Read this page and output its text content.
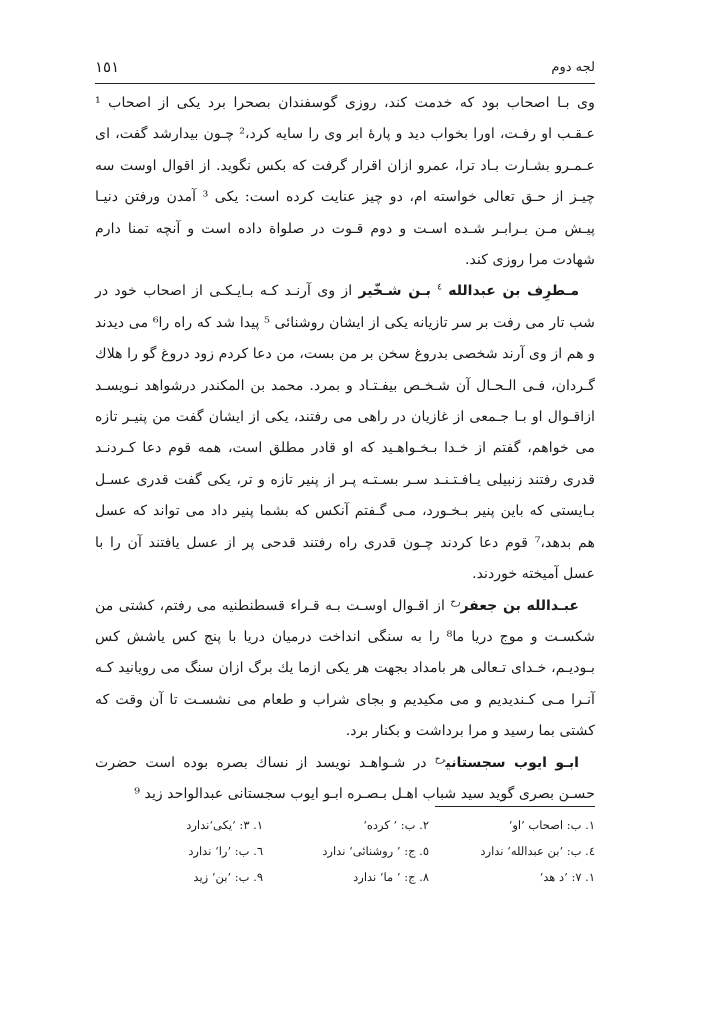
١٥١	لجه دوم

وی بـا اصحاب بود که خدمت کند، روزی گوسفندان بصحرا برد یکی از اصحاب ¹ عـقـب او رفـت، اورا بخواب دید و پارهٔ ابر وی را سایه کرد،² چـون بیدارشد گفت، ای عـمـرو بشـارت بـاد ترا، عمرو ازان اقرار گرفت که بکس نگوید. از اقوال اوست سه چیـز از حـق تعالی خواسته ام، دو چیز عنایت کرده است: یکی ³ آمدن ورفتن دنیـا پیـش مـن بـرابـر شـده اسـت و دوم قـوت در صلواة داده است و آنچه تمنا دارم شهادت مرا روزی کند.

مـطرِف بن عبدالله $^٤$ بـن شـخّیر از وی آرنـد کـه بـایـکـی از اصحاب خود در شب تار می رفت بر سر تازیانه یکی از ایشان روشنائی ⁵ پیدا شد که راه را⁶ می دیدند و هم از وی آرند شخصی بدروغ سخن بر من بست، من دعا کردم زود دروغ گو را هلاك گـردان، فـی الـحـال آن شـخـص بیفـتـاد و بمرد. محمد بن المکندر درشواهد نـویسـد ازاقـوال او بـا جـمعی از غازیان در راهی می رفتند، یکی از ایشان گفت من پنیـر تازه می خواهم، گفتم از خـدا بـخـواهـید که او قادر مطلق است، همه قوم دعا کـردنـد قدری رفتند زنبیلی یـافـتـنـد سـر بسـتـه پـر از پنیر تازه و تر، یکی گفت قدری عسـل بـایستی که باین پنیر بـخـورد، مـی گـفتم آنکس که بشما پنیر داد می تواند که عسل هم بدهد،⁷ قوم دعا کردند چـون قدری راه رفتند قدحی پر از عسل یافتند آن را با عسل آمیخته خوردند.

عبـدالله بن جعفر$^{رح}$ از اقـوال اوسـت بـه قـراء قسطنطنیه می رفتم، کشتی من شکسـت و موج دریا ما⁸ را به سنگی انداخت درمیان دریا با پنج کس یاشش کس بـودیـم، خـدای تـعالی هر بامداد بجهت هر یکی ازما یك برگ ازان سنگ می رویانید کـه آنـرا مـی کـندیدیم و می مکیدیم و بجای شراب و طعام می نشسـت تا آن وقت که کشتی بما رسید و مرا برداشت و بکنار برد.

ابـو ایوب سجستانی$^{رح}$ در شـواهـد نویسد از نساك بصره بوده است حضرت حسـن بصری گوید سید شباب اهـل بـصـره ابـو ایوب سجستانی عبدالواحد زید ⁹

١. ب: اصحاب ’او‘
٢. ب: ’ کرده‘
١. ٣: ’یکی‘ندارد
٤. ب: ’بن عبدالله‘ ندارد
٥. ج: ’ روشنائی‘ ندارد
٦. ب: ’را‘ ندارد
١. ٧: ’د هد‘
٨. ج: ’ ما‘ ندارد
٩. ب: ’بن‘ زید
